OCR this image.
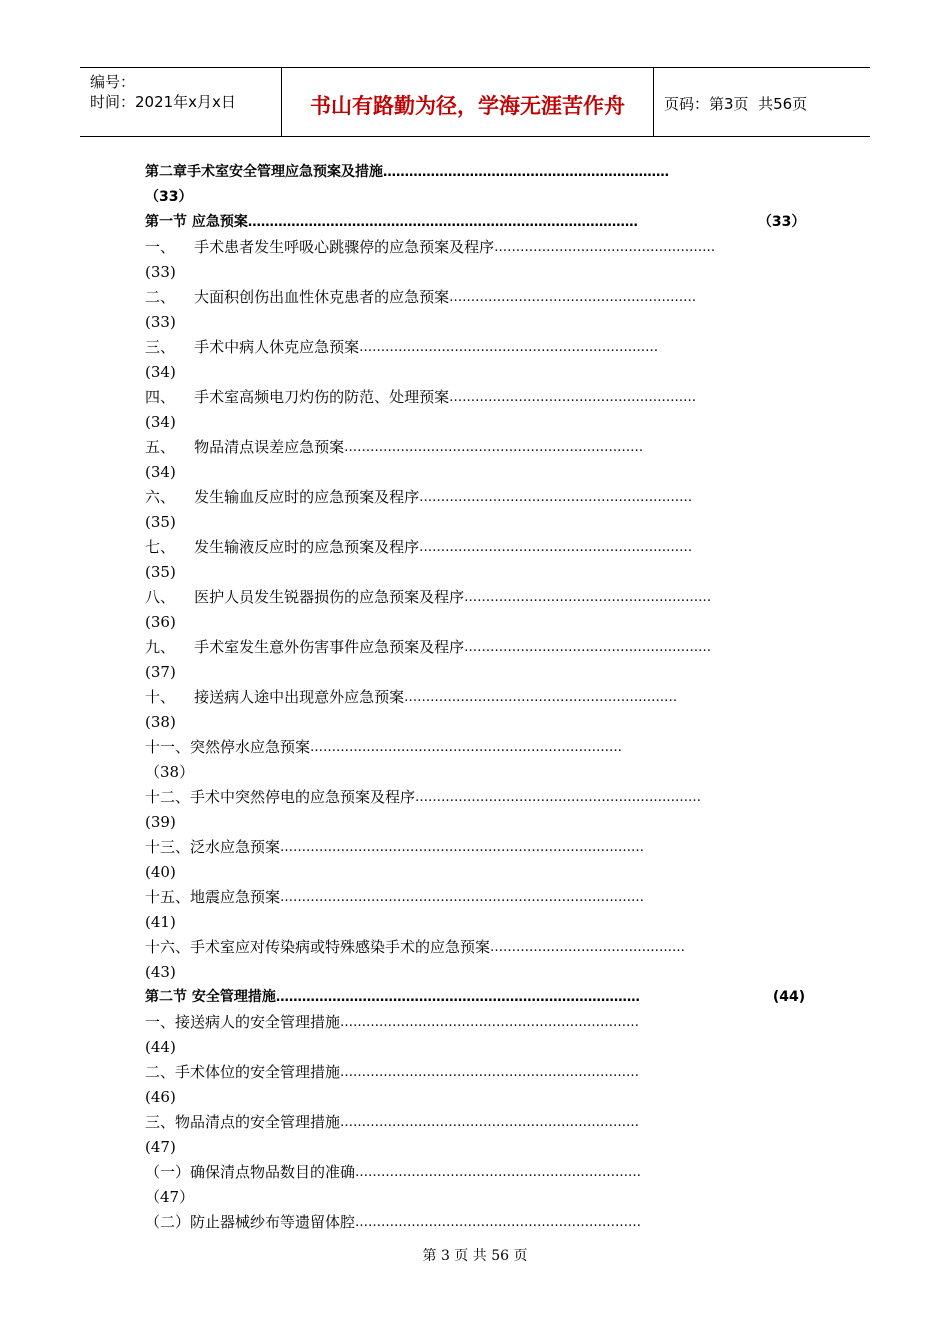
编号：
时间：2021年x月x日	书山有路勤为径，学海无涯苦作舟	页码：第3页  共56页
第二章手术室安全管理应急预案及措施 …………………………………………………………
（33）
第一节 应急预案 ………………………………………………………………………………	（33）
一、    手术患者发生呼吸心跳骤停的应急预案及程序 ……………………………………………
(33)
二、    大面积创伤出血性休克患者的应急预案 …………………………………………………
(33)
三、    手术中病人休克应急预案 ……………………………………………………………
(34)
四、    手术室高频电刀灼伤的防范、处理预案 …………………………………………………
(34)
五、    物品清点误差应急预案 ……………………………………………………………
(34)
六、    发生输血反应时的应急预案及程序 ………………………………………………………
(35)
七、    发生输液反应时的应急预案及程序 ………………………………………………………
(35)
八、    医护人员发生锐器损伤的应急预案及程序 …………………………………………………
(36)
九、    手术室发生意外伤害事件应急预案及程序 …………………………………………………
(37)
十、    接送病人途中出现意外应急预案 ………………………………………………………
(38)
十一、突然停水应急预案 ………………………………………………………………
（38）
十二、手术中突然停电的应急预案及程序 …………………………………………………………
(39)
十三、泛水应急预案 …………………………………………………………………………
(40)
十五、地震应急预案 …………………………………………………………………………
(41)
十六、手术室应对传染病或特殊感染手术的应急预案 ………………………………………
(43)
第二节 安全管理措施 …………………………………………………………………………	(44)
一、接送病人的安全管理措施 ……………………………………………………………
(44)
二、手术体位的安全管理措施 ……………………………………………………………
(46)
三、物品清点的安全管理措施 ……………………………………………………………
(47)
（一）确保清点物品数目的准确 …………………………………………………………
（47）
（二）防止器械纱布等遗留体腔 …………………………………………………………
第 3 页 共 56 页
